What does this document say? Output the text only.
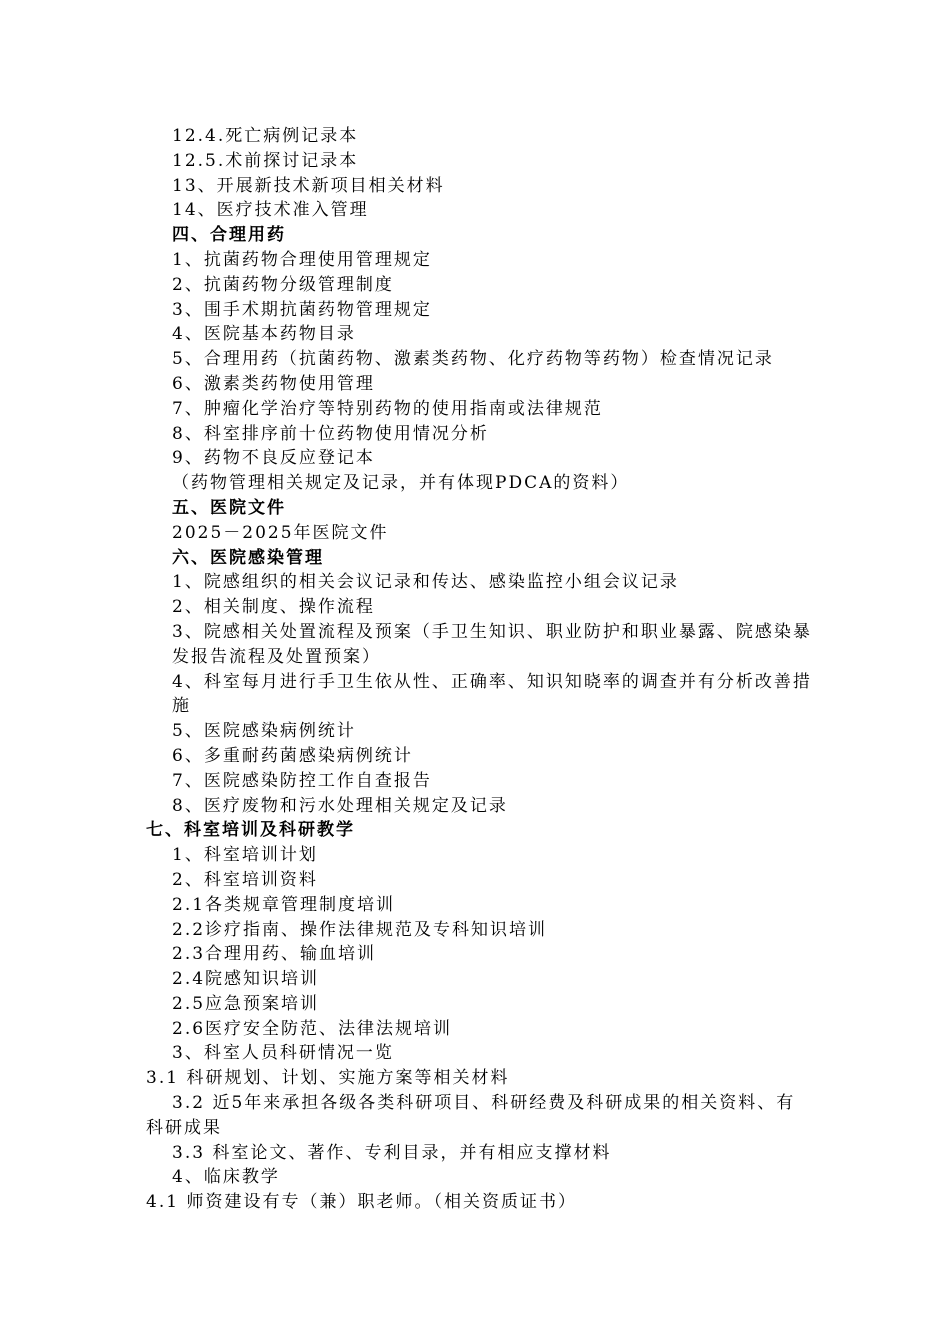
12.4.死亡病例记录本
12.5.术前探讨记录本
13、开展新技术新项目相关材料
14、医疗技术准入管理
四、合理用药
1、抗菌药物合理使用管理规定
2、抗菌药物分级管理制度
3、围手术期抗菌药物管理规定
4、医院基本药物目录
5、合理用药（抗菌药物、激素类药物、化疗药物等药物）检查情况记录
6、激素类药物使用管理
7、肿瘤化学治疗等特别药物的使用指南或法律规范
8、科室排序前十位药物使用情况分析
9、药物不良反应登记本
（药物管理相关规定及记录，并有体现PDCA的资料）
五、医院文件
2025－2025年医院文件
六、医院感染管理
1、院感组织的相关会议记录和传达、感染监控小组会议记录
2、相关制度、操作流程
3、院感相关处置流程及预案（手卫生知识、职业防护和职业暴露、院感染暴发报告流程及处置预案）
4、科室每月进行手卫生依从性、正确率、知识知晓率的调查并有分析改善措施
5、医院感染病例统计
6、多重耐药菌感染病例统计
7、医院感染防控工作自查报告
8、医疗废物和污水处理相关规定及记录
七、科室培训及科研教学
1、科室培训计划
2、科室培训资料
2.1各类规章管理制度培训
2.2诊疗指南、操作法律规范及专科知识培训
2.3合理用药、输血培训
2.4院感知识培训
2.5应急预案培训
2.6医疗安全防范、法律法规培训
3、科室人员科研情况一览
3.1 科研规划、计划、实施方案等相关材料
3.2 近5年来承担各级各类科研项目、科研经费及科研成果的相关资料、有科研成果
3.3 科室论文、著作、专利目录，并有相应支撑材料
4、临床教学
4.1 师资建设有专（兼）职老师。（相关资质证书）
